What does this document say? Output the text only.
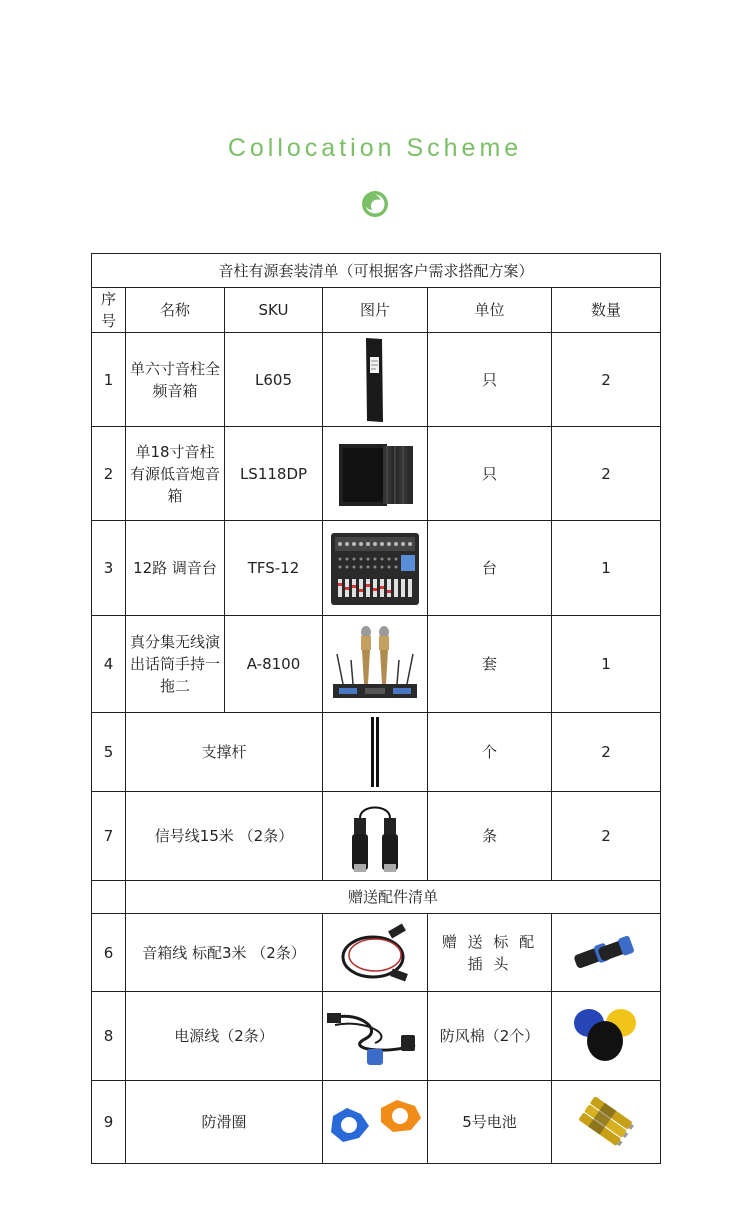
Collocation Scheme
音柱有源套装清单（可根据客户需求搭配方案）					
序号	名称	SKU	图片	单位	数量
1	单六寸音柱全频音箱	L605		只	2
2	单18寸音柱有源低音炮音箱	LS118DP		只	2
3	12路 调音台	TFS-12		台	1
4	真分集无线演出话筒手持一拖二	A-8100		套	1
5	支撑杆			个	2
7	信号线15米 （2条）			条	2
	赠送配件清单				
6	音箱线 标配3米 （2条）			赠 送 标 配 插 头	

8	电源线（2条）			防风棉（2个）	

9	防滑圈			5号电池	
